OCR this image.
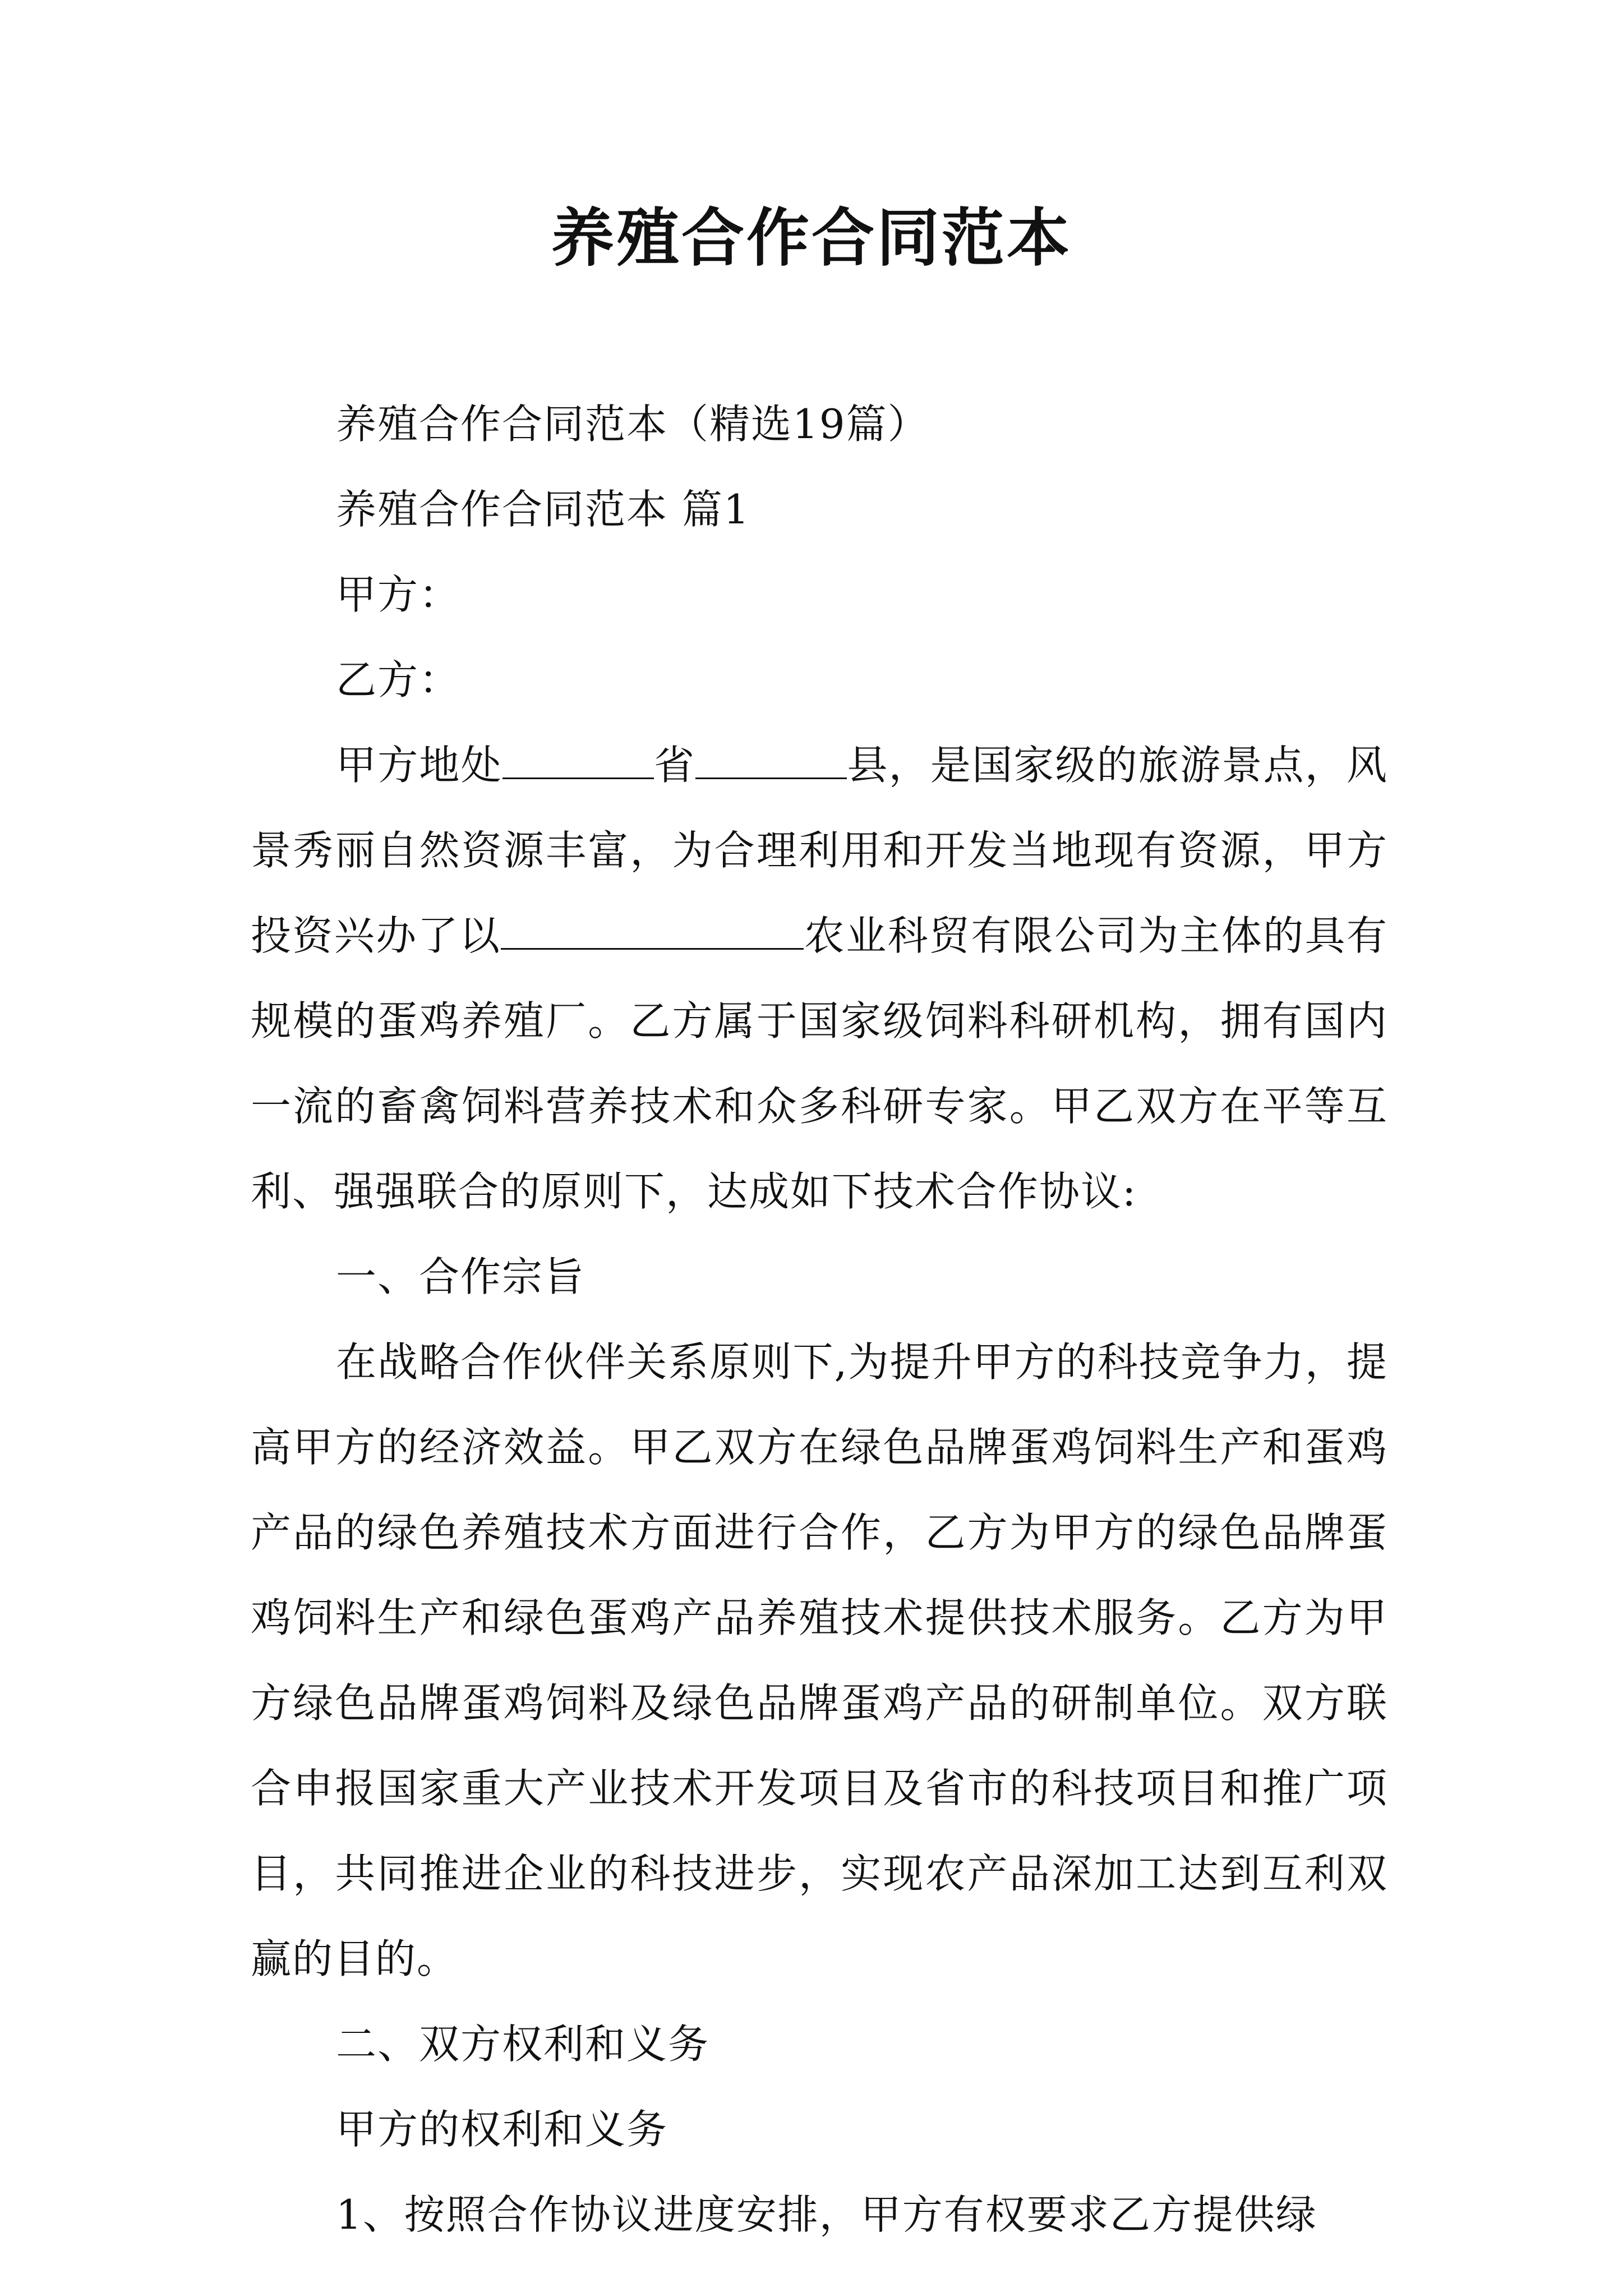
养殖合作合同范本

养殖合作合同范本（精选19篇）

养殖合作合同范本 篇1

甲方：

乙方：

甲方地处	省	县，是国家级的旅游景点，风景秀丽自然资源丰富，为合理利用和开发当地现有资源，甲方投资兴办了以	农业科贸有限公司为主体的具有规模的蛋鸡养殖厂。乙方属于国家级饲料科研机构，拥有国内一流的畜禽饲料营养技术和众多科研专家。甲乙双方在平等互利、强强联合的原则下，达成如下技术合作协议:

一、合作宗旨

在战略合作伙伴关系原则下,为提升甲方的科技竞争力，提高甲方的经济效益。甲乙双方在绿色品牌蛋鸡饲料生产和蛋鸡产品的绿色养殖技术方面进行合作，乙方为甲方的绿色品牌蛋鸡饲料生产和绿色蛋鸡产品养殖技术提供技术服务。乙方为甲方绿色品牌蛋鸡饲料及绿色品牌蛋鸡产品的研制单位。双方联合申报国家重大产业技术开发项目及省市的科技项目和推广项目，共同推进企业的科技进步，实现农产品深加工达到互利双赢的目的。

二、双方权利和义务

甲方的权利和义务

1、按照合作协议进度安排，甲方有权要求乙方提供绿
